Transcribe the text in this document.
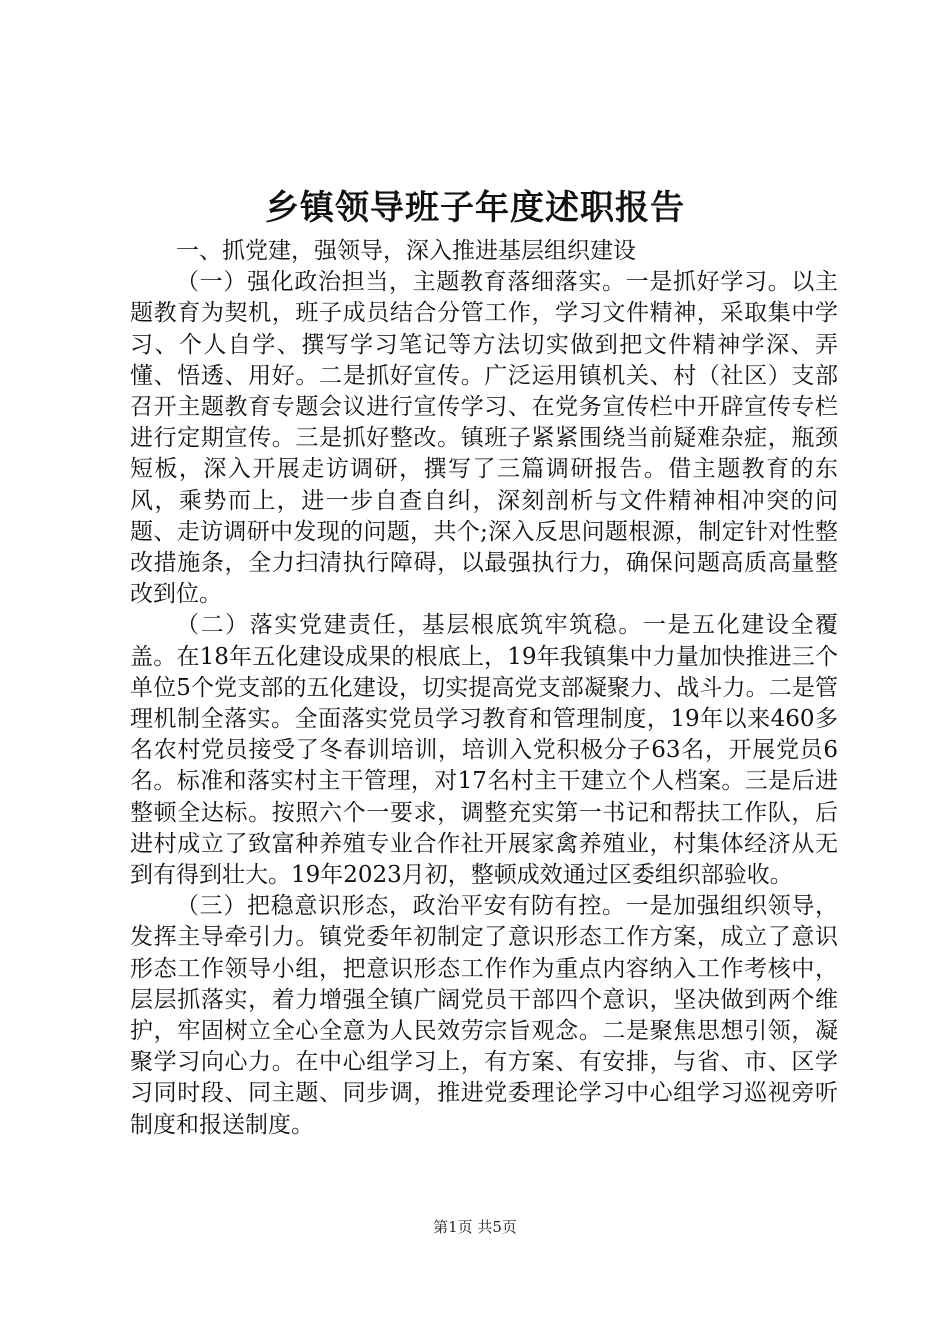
乡镇领导班子年度述职报告

一、抓党建，强领导，深入推进基层组织建设

（一）强化政治担当，主题教育落细落实。一是抓好学习。以主题教育为契机，班子成员结合分管工作，学习文件精神，采取集中学习、个人自学、撰写学习笔记等方法切实做到把文件精神学深、弄懂、悟透、用好。二是抓好宣传。广泛运用镇机关、村（社区）支部召开主题教育专题会议进行宣传学习、在党务宣传栏中开辟宣传专栏进行定期宣传。三是抓好整改。镇班子紧紧围绕当前疑难杂症，瓶颈短板，深入开展走访调研，撰写了三篇调研报告。借主题教育的东风，乘势而上，进一步自查自纠，深刻剖析与文件精神相冲突的问题、走访调研中发现的问题，共个;深入反思问题根源，制定针对性整改措施条，全力扫清执行障碍，以最强执行力，确保问题高质高量整改到位。

（二）落实党建责任，基层根底筑牢筑稳。一是五化建设全覆盖。在18年五化建设成果的根底上，19年我镇集中力量加快推进三个单位5个党支部的五化建设，切实提高党支部凝聚力、战斗力。二是管理机制全落实。全面落实党员学习教育和管理制度，19年以来460多名农村党员接受了冬春训培训，培训入党积极分子63名，开展党员6名。标准和落实村主干管理，对17名村主干建立个人档案。三是后进整顿全达标。按照六个一要求，调整充实第一书记和帮扶工作队，后进村成立了致富种养殖专业合作社开展家禽养殖业，村集体经济从无到有得到壮大。19年2023月初，整顿成效通过区委组织部验收。

（三）把稳意识形态，政治平安有防有控。一是加强组织领导，发挥主导牵引力。镇党委年初制定了意识形态工作方案，成立了意识形态工作领导小组，把意识形态工作作为重点内容纳入工作考核中，层层抓落实，着力增强全镇广阔党员干部四个意识，坚决做到两个维护，牢固树立全心全意为人民效劳宗旨观念。二是聚焦思想引领，凝聚学习向心力。在中心组学习上，有方案、有安排，与省、市、区学习同时段、同主题、同步调，推进党委理论学习中心组学习巡视旁听制度和报送制度。

第1页 共5页
